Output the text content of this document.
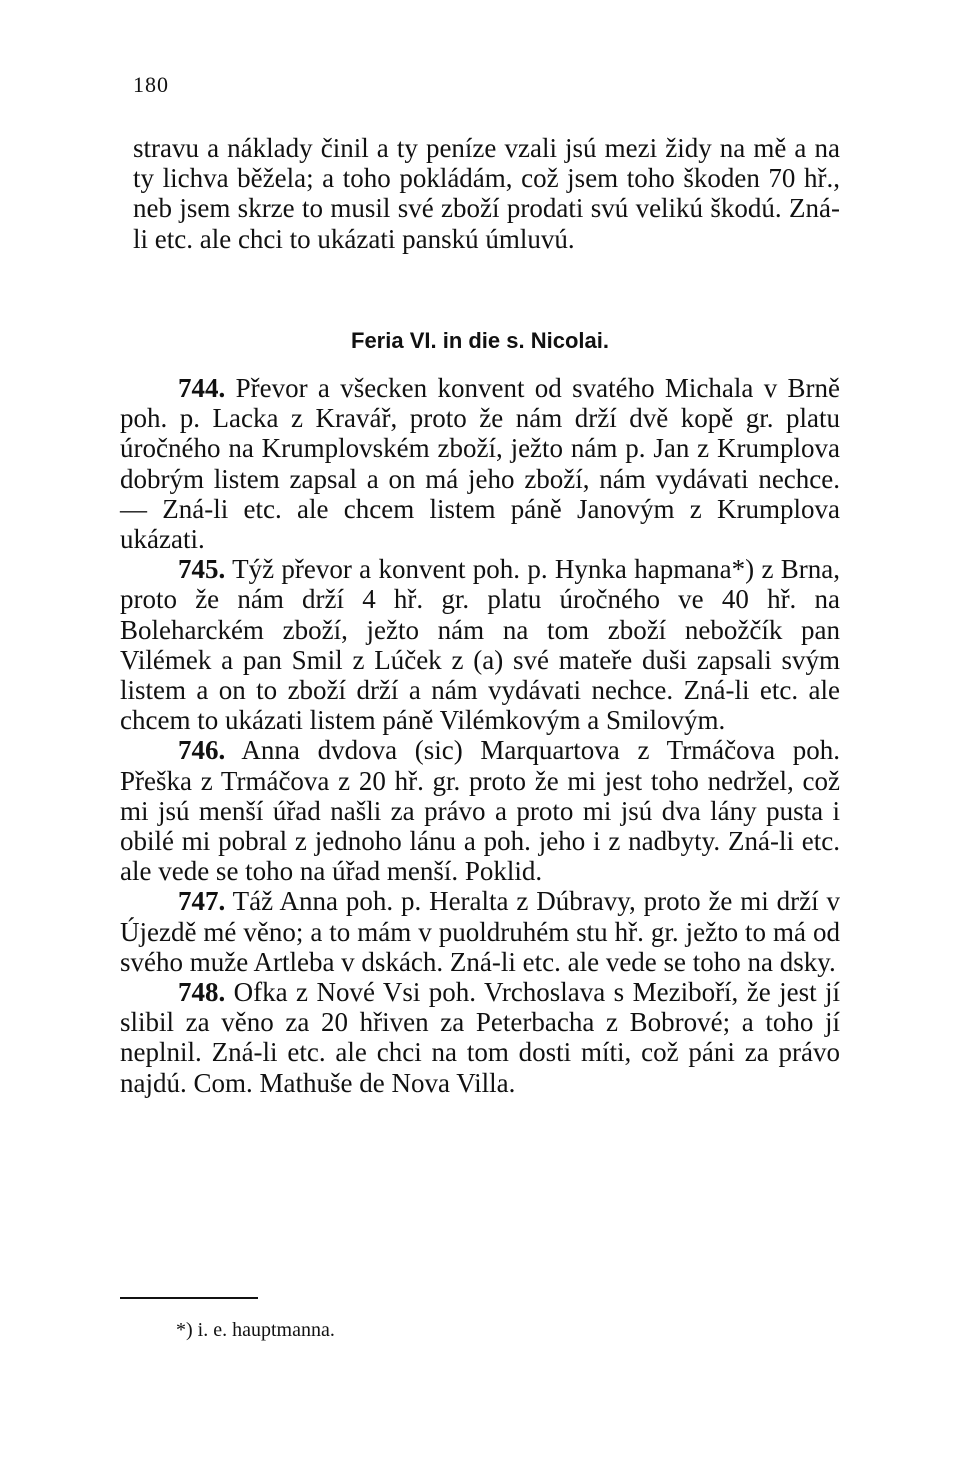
180

stravu a náklady činil a ty peníze vzali jsú mezi židy na mě a na ty lichva běžela; a toho pokládám, což jsem toho škoden 70 hř., neb jsem skrze to musil své zboží prodati svú velikú škodú. Zná-li etc. ale chci to ukázati panskú úmluvú.

Feria VI. in die s. Nicolai.

744. Převor a všecken konvent od svatého Michala v Brně poh. p. Lacka z Kravář, proto že nám drží dvě kopě gr. platu úročného na Krumplovském zboží, ježto nám p. Jan z Krumplova dobrým listem zapsal a on má jeho zboží, nám vydávati nechce. — Zná-li etc. ale chcem listem páně Janovým z Krumplova ukázati.

745. Týž převor a konvent poh. p. Hynka hapmana*) z Brna, proto že nám drží 4 hř. gr. platu úročného ve 40 hř. na Boleharckém zboží, ježto nám na tom zboží nebožčík pan Vilémek a pan Smil z Lúček z (a) své mateře duši zapsali svým listem a on to zboží drží a nám vydávati nechce. Zná-li etc. ale chcem to ukázati listem páně Vilémkovým a Smilovým.

746. Anna dvdova (sic) Marquartova z Trmáčova poh. Přeška z Trmáčova z 20 hř. gr. proto že mi jest toho nedržel, což mi jsú menší úřad našli za právo a proto mi jsú dva lány pusta i obilé mi pobral z jednoho lánu a poh. jeho i z nadbyty. Zná-li etc. ale vede se toho na úřad menší. Poklid.

747. Táž Anna poh. p. Heralta z Dúbravy, proto že mi drží v Újezdě mé věno; a to mám v puoldruhém stu hř. gr. ježto to má od svého muže Artleba v dskách. Zná-li etc. ale vede se toho na dsky.

748. Ofka z Nové Vsi poh. Vrchoslava s Meziboří, že jest jí slibil za věno za 20 hřiven za Peterbacha z Bobrové; a toho jí neplnil. Zná-li etc. ale chci na tom dosti míti, což páni za právo najdú. Com. Mathuše de Nova Villa.

*) i. e. hauptmanna.
